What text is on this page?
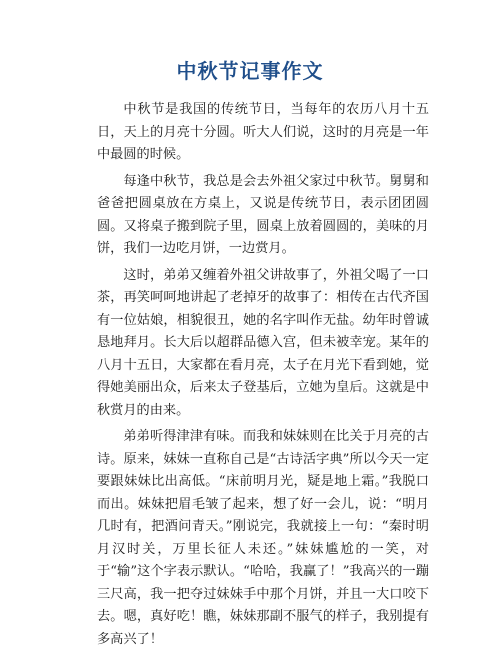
中秋节记事作文

中秋节是我国的传统节日，当每年的农历八月十五日，天上的月亮十分圆。听大人们说，这时的月亮是一年中最圆的时候。

每逢中秋节，我总是会去外祖父家过中秋节。舅舅和爸爸把圆桌放在方桌上，又说是传统节日，表示团团圆圆。又将桌子搬到院子里，圆桌上放着圆圆的，美味的月饼，我们一边吃月饼，一边赏月。

这时，弟弟又缠着外祖父讲故事了，外祖父喝了一口茶，再笑呵呵地讲起了老掉牙的故事了：相传在古代齐国有一位姑娘，相貌很丑，她的名字叫作无盐。幼年时曾诚恳地拜月。长大后以超群品德入宫，但未被幸宠。某年的八月十五日，大家都在看月亮，太子在月光下看到她，觉得她美丽出众，后来太子登基后，立她为皇后。这就是中秋赏月的由来。

弟弟听得津津有味。而我和妹妹则在比关于月亮的古诗。原来，妹妹一直称自己是“古诗活字典”所以今天一定要跟妹妹比出高低。“床前明月光，疑是地上霜。”我脱口而出。妹妹把眉毛皱了起来，想了好一会儿，说：“明月几时有，把酒问青天。”刚说完，我就接上一句：“秦时明月汉时关，万里长征人未还。”妹妹尴尬的一笑，对于“输”这个字表示默认。“哈哈，我赢了！”我高兴的一蹦三尺高，我一把夺过妹妹手中那个月饼，并且一大口咬下去。嗯，真好吃！瞧，妹妹那副不服气的样子，我别提有多高兴了！
